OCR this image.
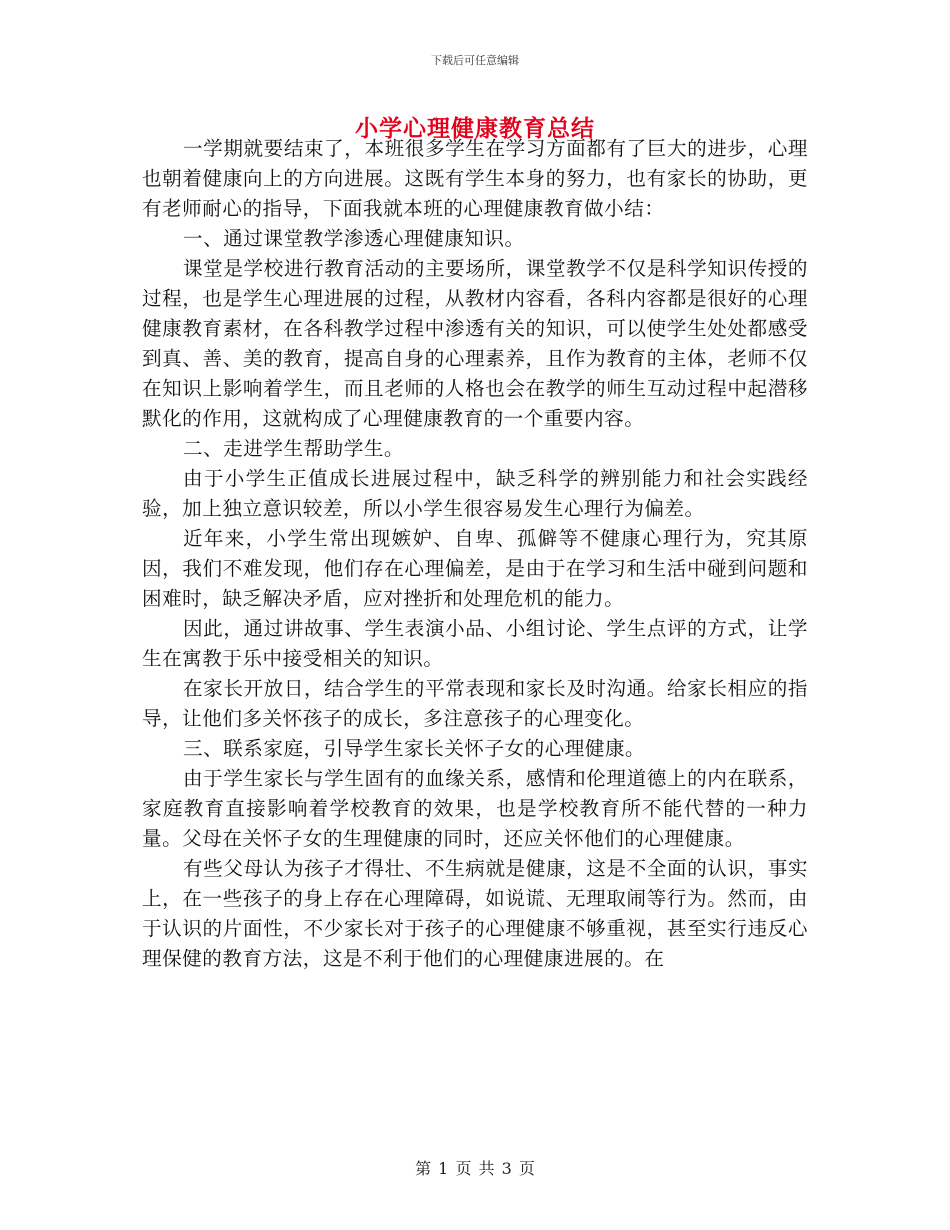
下载后可任意编辑
小学心理健康教育总结

一学期就要结束了，本班很多学生在学习方面都有了巨大的进步，心理也朝着健康向上的方向进展。这既有学生本身的努力，也有家长的协助，更有老师耐心的指导，下面我就本班的心理健康教育做小结：

一、通过课堂教学渗透心理健康知识。

课堂是学校进行教育活动的主要场所，课堂教学不仅是科学知识传授的过程，也是学生心理进展的过程，从教材内容看，各科内容都是很好的心理健康教育素材，在各科教学过程中渗透有关的知识，可以使学生处处都感受到真、善、美的教育，提高自身的心理素养，且作为教育的主体，老师不仅在知识上影响着学生，而且老师的人格也会在教学的师生互动过程中起潜移默化的作用，这就构成了心理健康教育的一个重要内容。

二、走进学生帮助学生。

由于小学生正值成长进展过程中，缺乏科学的辨别能力和社会实践经验，加上独立意识较差，所以小学生很容易发生心理行为偏差。

近年来，小学生常出现嫉妒、自卑、孤僻等不健康心理行为，究其原因，我们不难发现，他们存在心理偏差，是由于在学习和生活中碰到问题和困难时，缺乏解决矛盾，应对挫折和处理危机的能力。

因此，通过讲故事、学生表演小品、小组讨论、学生点评的方式，让学生在寓教于乐中接受相关的知识。

在家长开放日，结合学生的平常表现和家长及时沟通。给家长相应的指导，让他们多关怀孩子的成长，多注意孩子的心理变化。

三、联系家庭，引导学生家长关怀子女的心理健康。

由于学生家长与学生固有的血缘关系，感情和伦理道德上的内在联系，家庭教育直接影响着学校教育的效果，也是学校教育所不能代替的一种力量。父母在关怀子女的生理健康的同时，还应关怀他们的心理健康。

有些父母认为孩子才得壮、不生病就是健康，这是不全面的认识，事实上，在一些孩子的身上存在心理障碍，如说谎、无理取闹等行为。然而，由于认识的片面性，不少家长对于孩子的心理健康不够重视，甚至实行违反心理保健的教育方法，这是不利于他们的心理健康进展的。在

第 1 页 共 3 页
